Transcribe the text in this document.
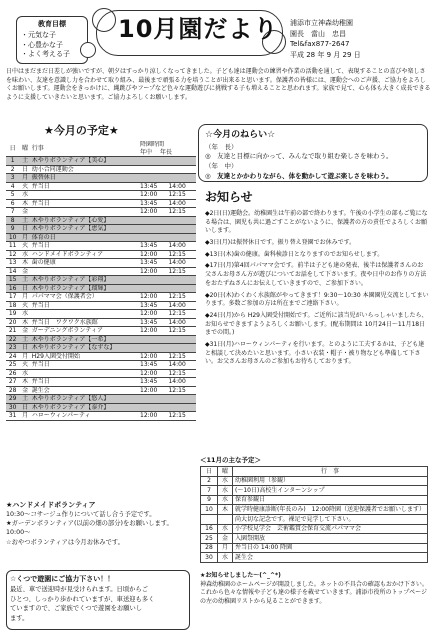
教育目標
・元気な子
・心豊かな子
・よく考える子
10月園だより 浦添市立神森幼稚園
園長　當山　忠昌
Tel&fax877-2647
平成 28 年 9 月 29 日
日中はまだまだ日差しが強いですが、朝夕はすっかり涼しくなってきました。子ども達は運動会の練習や作業の活動を通して、表現することの喜びや楽しさを味わい、友達を意識し力を合わせて取り組み、最後まで頑張る力を培うことが出来ると思います。保護者の皆様には、運動会へのご声援、ご協力をよろしくお願いします。運動会をきっかけに、縄跳びやフープなど色々な運動遊びに挑戦する子も増えることと思われます。家族で見て、心も体も大きく成長できるように支援していきたいと思います。ご協力よろしくお願いします。
★今月の予定★
日	曜	行事	降園時間
年中　 年長	
1	土	木やりボランティア【美心】		
2	日	幼小合同運動会		
3	月	振替休日		
4	火	弁当日	13:45	14:00
5	水		12:00	12:15
6	木	弁当日	13:45	14:00
7	金		12:00	12:15
8	土	木やりボランティア【心愛】		
9	日	木やりボランティア【恵気】		
10	月	体育の日		
11	火	弁当日	13:45	14:00
12	水	ハンドメイドボランティア	12:00	12:15
13	木	歯の健康	13:45	14:00
14	金		12:00	12:15
15	土	木やりボランティア【彩翔】		
16	日	木やりボランティア【瑠輝】		
17	月	パパママ会（保護者会）	12:00	12:15
18	火	弁当日	13:45	14:00
19	水		12:00	12:15
20	木	弁当日　ワクワク水族館	13:45	14:00
21	金	ガーデニングボランティア	12:00	12:15
22	土	木やりボランティア【一希】		
23	日	木やりボランティア【なずな】		
24	月	H29入園受付開始	12:00	12:15
25	火	弁当日	13:45	14:00
26	水		12:00	12:15
27	木	弁当日	13:45	14:00
28	金	誕生会	12:00	12:15
29	土	木やりボランティア【悠人】		
30	日	木やりボランティア【泰介】		
31	月	ハローウィンパーティ	12:00	12:15
★ハンドメイドボランティア
10:30～コサージュ作りについて話し合う予定です。
★ガーデンボランティア(以前の畑の部分)をお願いします。10:00～
☆おやつボランティアは今月お休みです。
☆くつで遊園にご協力下さい！！
最近、車で送迎時が見受けられます。日頃からご
ひとつ、しっかり歩かれていますが、車送迎も多く
ていますので、ご家族でくつで遊園をお願いし
ます。
☆今月のねらい☆
（年　長）
◎　友達と目標に向かって、みんなで取り組む楽しさを味わう。
（年　中）
◎　友達とかかわりながら、体を動かして遊ぶ楽しさを味わう。
お知らせ
◆2日(日)運動会。幼稚園生は午前の部で終わります。午後の小学生の部もご覧になる場合は、園児も共に過ごすことがないように、保護者の方の責任でよろしくお願いします。
◆3日(月)は振替休日です。振り替え登園でお休みです。
◆13日(木)歯の健康。歯科検診日となりますのでお知らせします。
◆17日(月)第4回パパママ会です。前半は子ども達の発表、後半は保護者さんのお父さんお母さん方が遊びについてお話をして下さいます。夜や日中のお作りの方法をおたずねさんにお伝えしていきますので、ご参加下さい。
◆20日(木)わくわく水族館がやってきます！9:30～10:30 本園園児交流としてまいります。多数ご参加の方は所在までご連絡下さい。
◆24日(月)から H29入園受付開始です。ご近所に該当児がいらっしゃいましたら、お知らせできますようよろしくお願いします。(配布期間は 10月24日～11月18日までの間。)
◆31日(月)ハローウィンパーティを行います。とのように工夫するかは、子ども達と相談して決めたいと思います。小さい衣装・帽子・被り物なども準備して下さい。お父さんお母さんのご参加もお待ちしております。
＜11月の主な予定＞
日	曜	行　事
2	水	幼稚園利用（参観）
7	水	(～10日)高校生インターンシップ
9	水	保育参観日
10	木	就学時健康診断(年長のみ)　12:00降園（送迎保護者でお願いします）
		尚大切な記念です。裸足で見学して下さい。
16	水	小学校見学会　芸術鑑賞会保育交流パパママ会
25	金	入園祭開放
28	月	弁当日の 14:00 降園
30	水	誕生会
★お知らせしました～(^_^*)
神森幼稚園のホームページが開設しました。ネットの不具合の確認もおかけ下さい。これから色々な情報や子ども達の様子を載せていきます。浦添市役所のトップページの左の幼稚園リストから見ることができます。
